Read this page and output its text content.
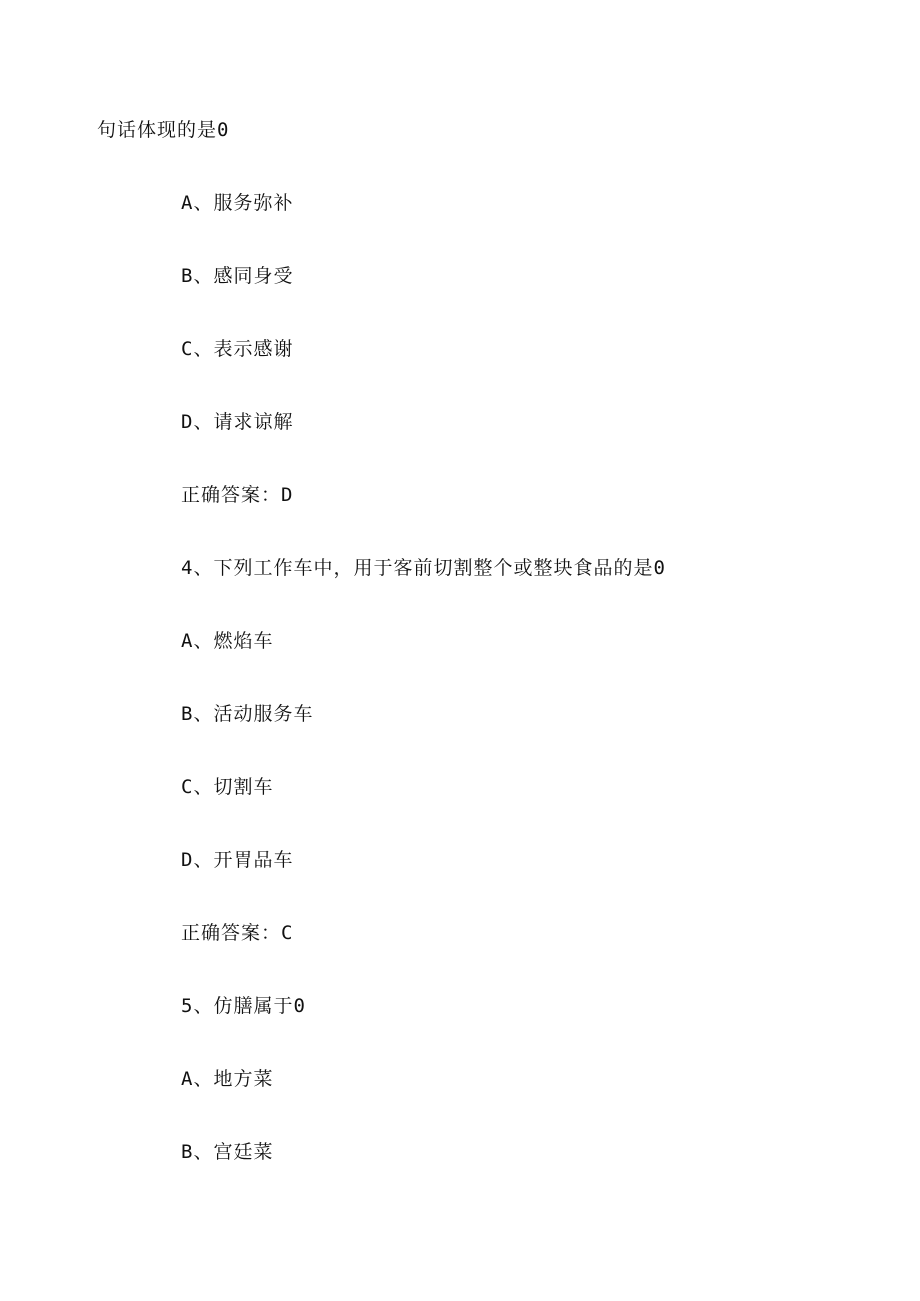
句话体现的是0
A、服务弥补
B、感同身受
C、表示感谢
D、请求谅解
正确答案：D
4、下列工作车中，用于客前切割整个或整块食品的是0
A、燃焰车
B、活动服务车
C、切割车
D、开胃品车
正确答案：C
5、仿膳属于0
A、地方菜
B、宫廷菜
